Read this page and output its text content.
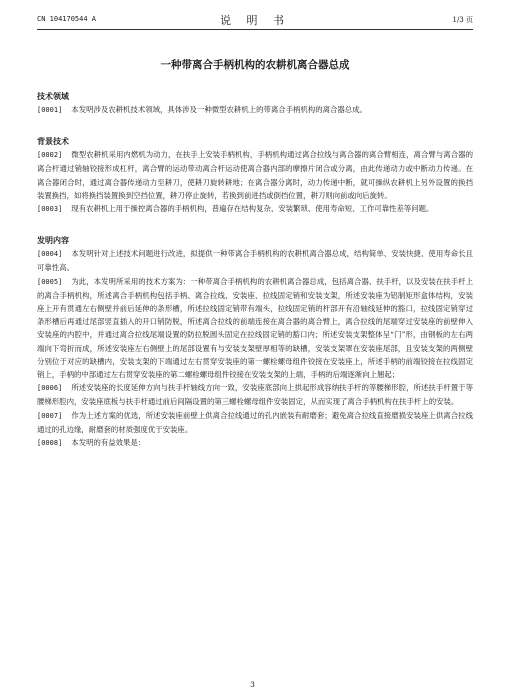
CN 104170544 A	说 明 书	1/3 页
一种带离合手柄机构的农耕机离合器总成
技术领域

[0001] 本发明涉及农耕机技术领域，具体涉及一种微型农耕机上的带离合手柄机构的离合器总成。

背景技术

[0002] 微型农耕机采用内燃机为动力，在扶手上安装手柄机构，手柄机构通过离合拉线与离合器的离合臂相连，离合臂与离合器的离合杆通过销轴铰接形成杠杆，离合臂的运动带动离合杆运动使离合器内部的摩擦片闭合或分离，由此传递动力或中断动力传递。在离合器闭合时，通过离合器传递动力至耕刀，使耕刀旋转耕地；在离合器分离时，动力传递中断，就可操纵农耕机上另外设置的换挡装置换挡，如将换挡装置换到空挡位置，耕刀停止旋转，若换到前进挡或倒挡位置，耕刀则向前或向后旋转。

[0003] 现有农耕机上用于操控离合器的手柄机构，普遍存在结构复杂、安装繁琐、使用寿命短、工作可靠性差等问题。

发明内容

[0004] 本发明针对上述技术问题进行改进，拟提供一种带离合手柄机构的农耕机离合器总成，结构简单、安装快捷、使用寿命长且可靠性高。

[0005] 为此，本发明所采用的技术方案为：一种带离合手柄机构的农耕机离合器总成，包括离合器、扶手杆，以及安装在扶手杆上的离合手柄机构，所述离合手柄机构包括手柄、离合拉线、安装座、拉线固定销和安装支架，所述安装座为铝制矩形盒体结构，安装座上开有贯通左右侧壁并前后延伸的条形槽，所述拉线固定销带有端头，拉线固定销的杆部开有沿轴线延伸的豁口，拉线固定销穿过条形槽后再通过尾部竖直插入的开口销防脱，所述离合拉线的前端连接在离合器的离合臂上，离合拉线的尾端穿过安装座的前壁伸入安装座的内腔中，并通过离合拉线尾端设置的防拉脱圆头固定在拉线固定销的豁口内；所述安装支架整体呈“门”形，由钢板的左右两端向下弯折而成，所述安装座左右侧壁上的尾部设置有与安装支架壁厚相等的缺槽，安装支架罩在安装座尾部，且安装支架的两侧壁分别位于对应的缺槽内，安装支架的下端通过左右贯穿安装座的第一螺栓螺母组件铰接在安装座上，所述手柄的前端铰接在拉线固定销上，手柄的中部通过左右贯穿安装座的第二螺栓螺母组件铰接在安装支架的上端，手柄的后端逐渐向上翘起；

[0006] 所述安装座的长度延伸方向与扶手杆轴线方向一致，安装座底部向上拱起形成容纳扶手杆的等腰梯形腔，所述扶手杆置于等腰梯形腔内，安装座底板与扶手杆通过前后间隔设置的第三螺栓螺母组件安装固定，从而实现了离合手柄机构在扶手杆上的安装。

[0007] 作为上述方案的优选，所述安装座前壁上供离合拉线通过的孔内嵌装有耐磨套；避免离合拉线直接磨损安装座上供离合拉线通过的孔边缘，耐磨套的材质强度优于安装座。

[0008] 本发明的有益效果是：

3
